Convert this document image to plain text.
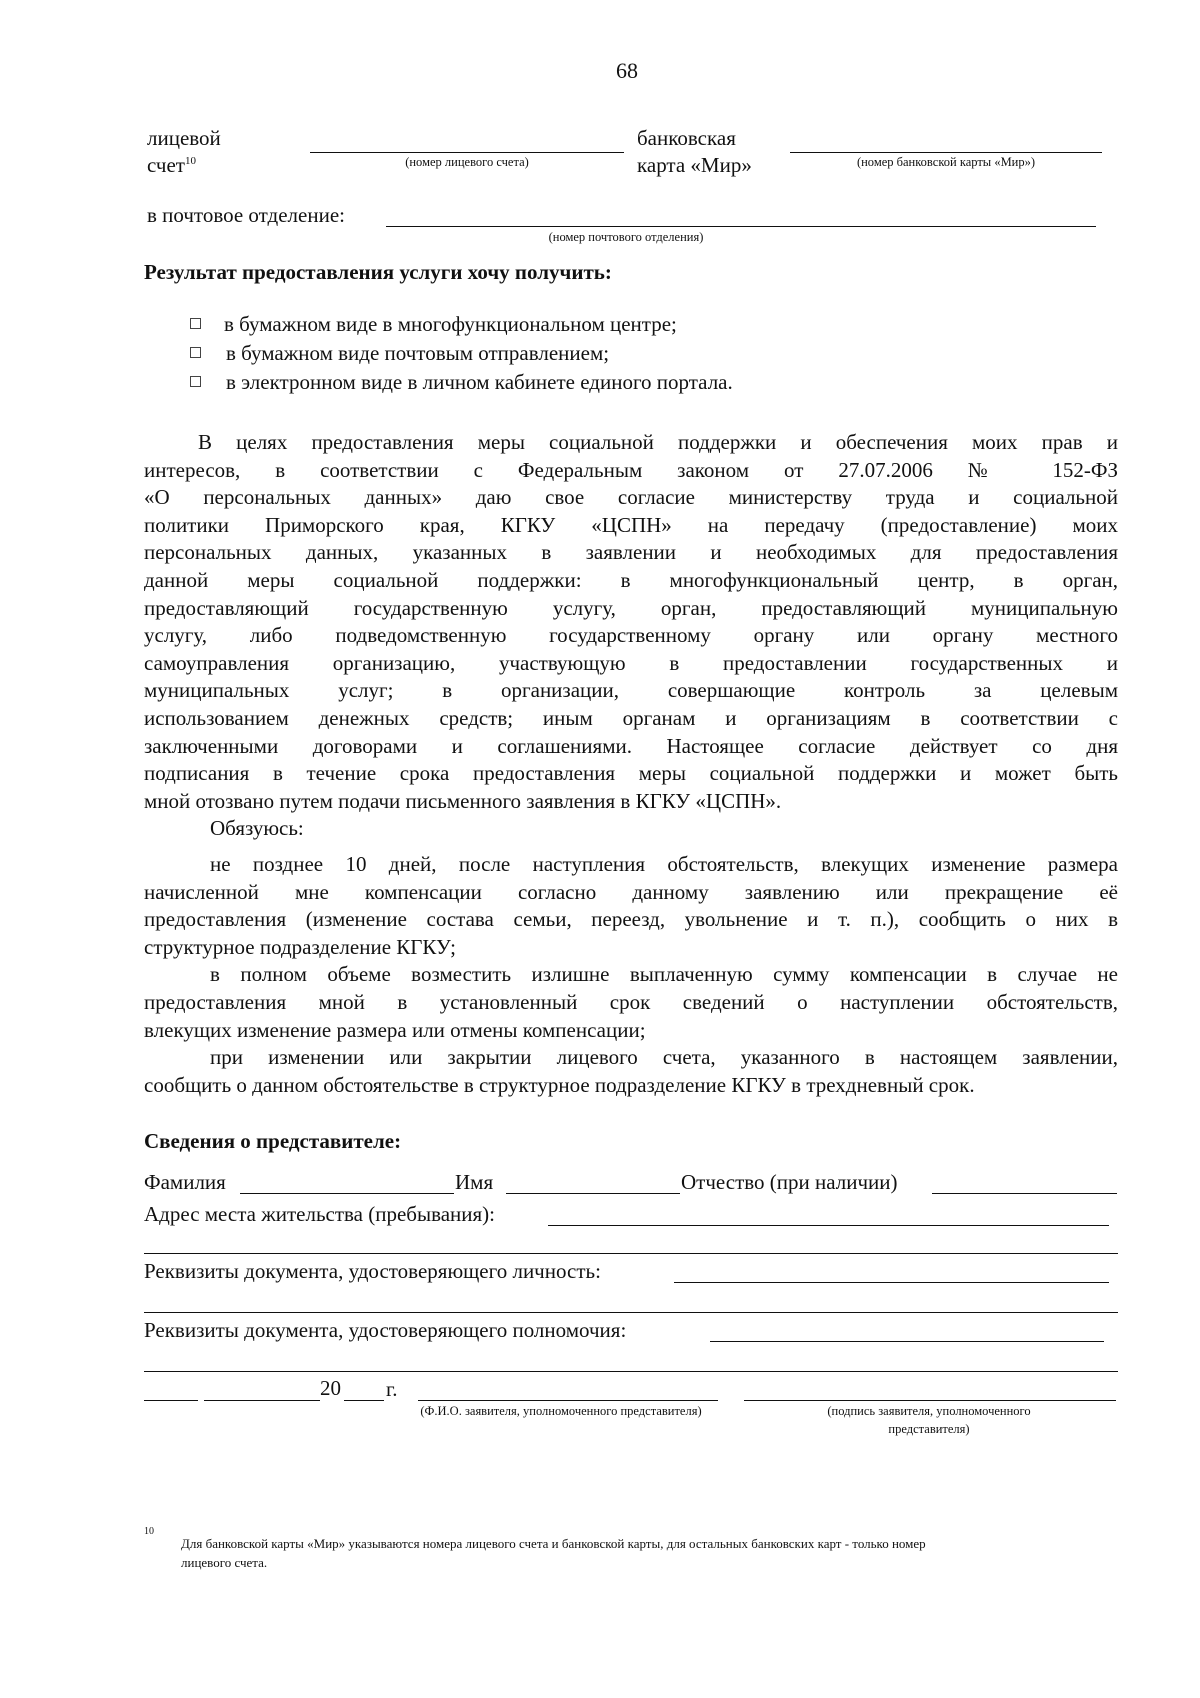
68
лицевой
счет$^{10}$	(номер лицевого счета)
банковская
карта «Мир»	(номер банковской карты «Мир»)
в почтовое отделение:
(номер почтового отделения)
Результат предоставления услуги хочу получить:
в бумажном виде в многофункциональном центре;
в бумажном виде почтовым отправлением;
в электронном виде в личном кабинете единого портала.
В целях предоставления меры социальной поддержки и обеспечения моих прав и
интересов, в соответствии с Федеральным законом от 27.07.2006 № 152-ФЗ
«О персональных данных» даю свое согласие министерству труда и социальной
политики Приморского края, КГКУ «ЦСПН» на передачу (предоставление) моих
персональных данных, указанных в заявлении и необходимых для предоставления
данной меры социальной поддержки: в многофункциональный центр, в орган,
предоставляющий государственную услугу, орган, предоставляющий муниципальную
услугу, либо подведомственную государственному органу или органу местного
самоуправления организацию, участвующую в предоставлении государственных и
муниципальных услуг; в организации, совершающие контроль за целевым
использованием денежных средств; иным органам и организациям в соответствии с
заключенными договорами и соглашениями. Настоящее согласие действует со дня
подписания в течение срока предоставления меры социальной поддержки и может быть
мной отозвано путем подачи письменного заявления в КГКУ «ЦСПН».
Обязуюсь:
не позднее 10 дней, после наступления обстоятельств, влекущих изменение размера
начисленной мне компенсации согласно данному заявлению или прекращение её
предоставления (изменение состава семьи, переезд, увольнение и т. п.), сообщить о них в
структурное подразделение КГКУ;
в полном объеме возместить излишне выплаченную сумму компенсации в случае не
предоставления мной в установленный срок сведений о наступлении обстоятельств,
влекущих изменение размера или отмены компенсации;
при изменении или закрытии лицевого счета, указанного в настоящем заявлении,
сообщить о данном обстоятельстве в структурное подразделение КГКУ в трехдневный срок.
Сведения о представителе:
Фамилия	Имя	Отчество (при наличии)
Адрес места жительства (пребывания):
Реквизиты документа, удостоверяющего личность:
Реквизиты документа, удостоверяющего полномочия:
20 г.
(Ф.И.О. заявителя, уполномоченного представителя)	(подпись заявителя, уполномоченного
представителя)
10
Для банковской карты «Мир» указываются номера лицевого счета и банковской карты, для остальных банковских карт - только номер
лицевого счета.
